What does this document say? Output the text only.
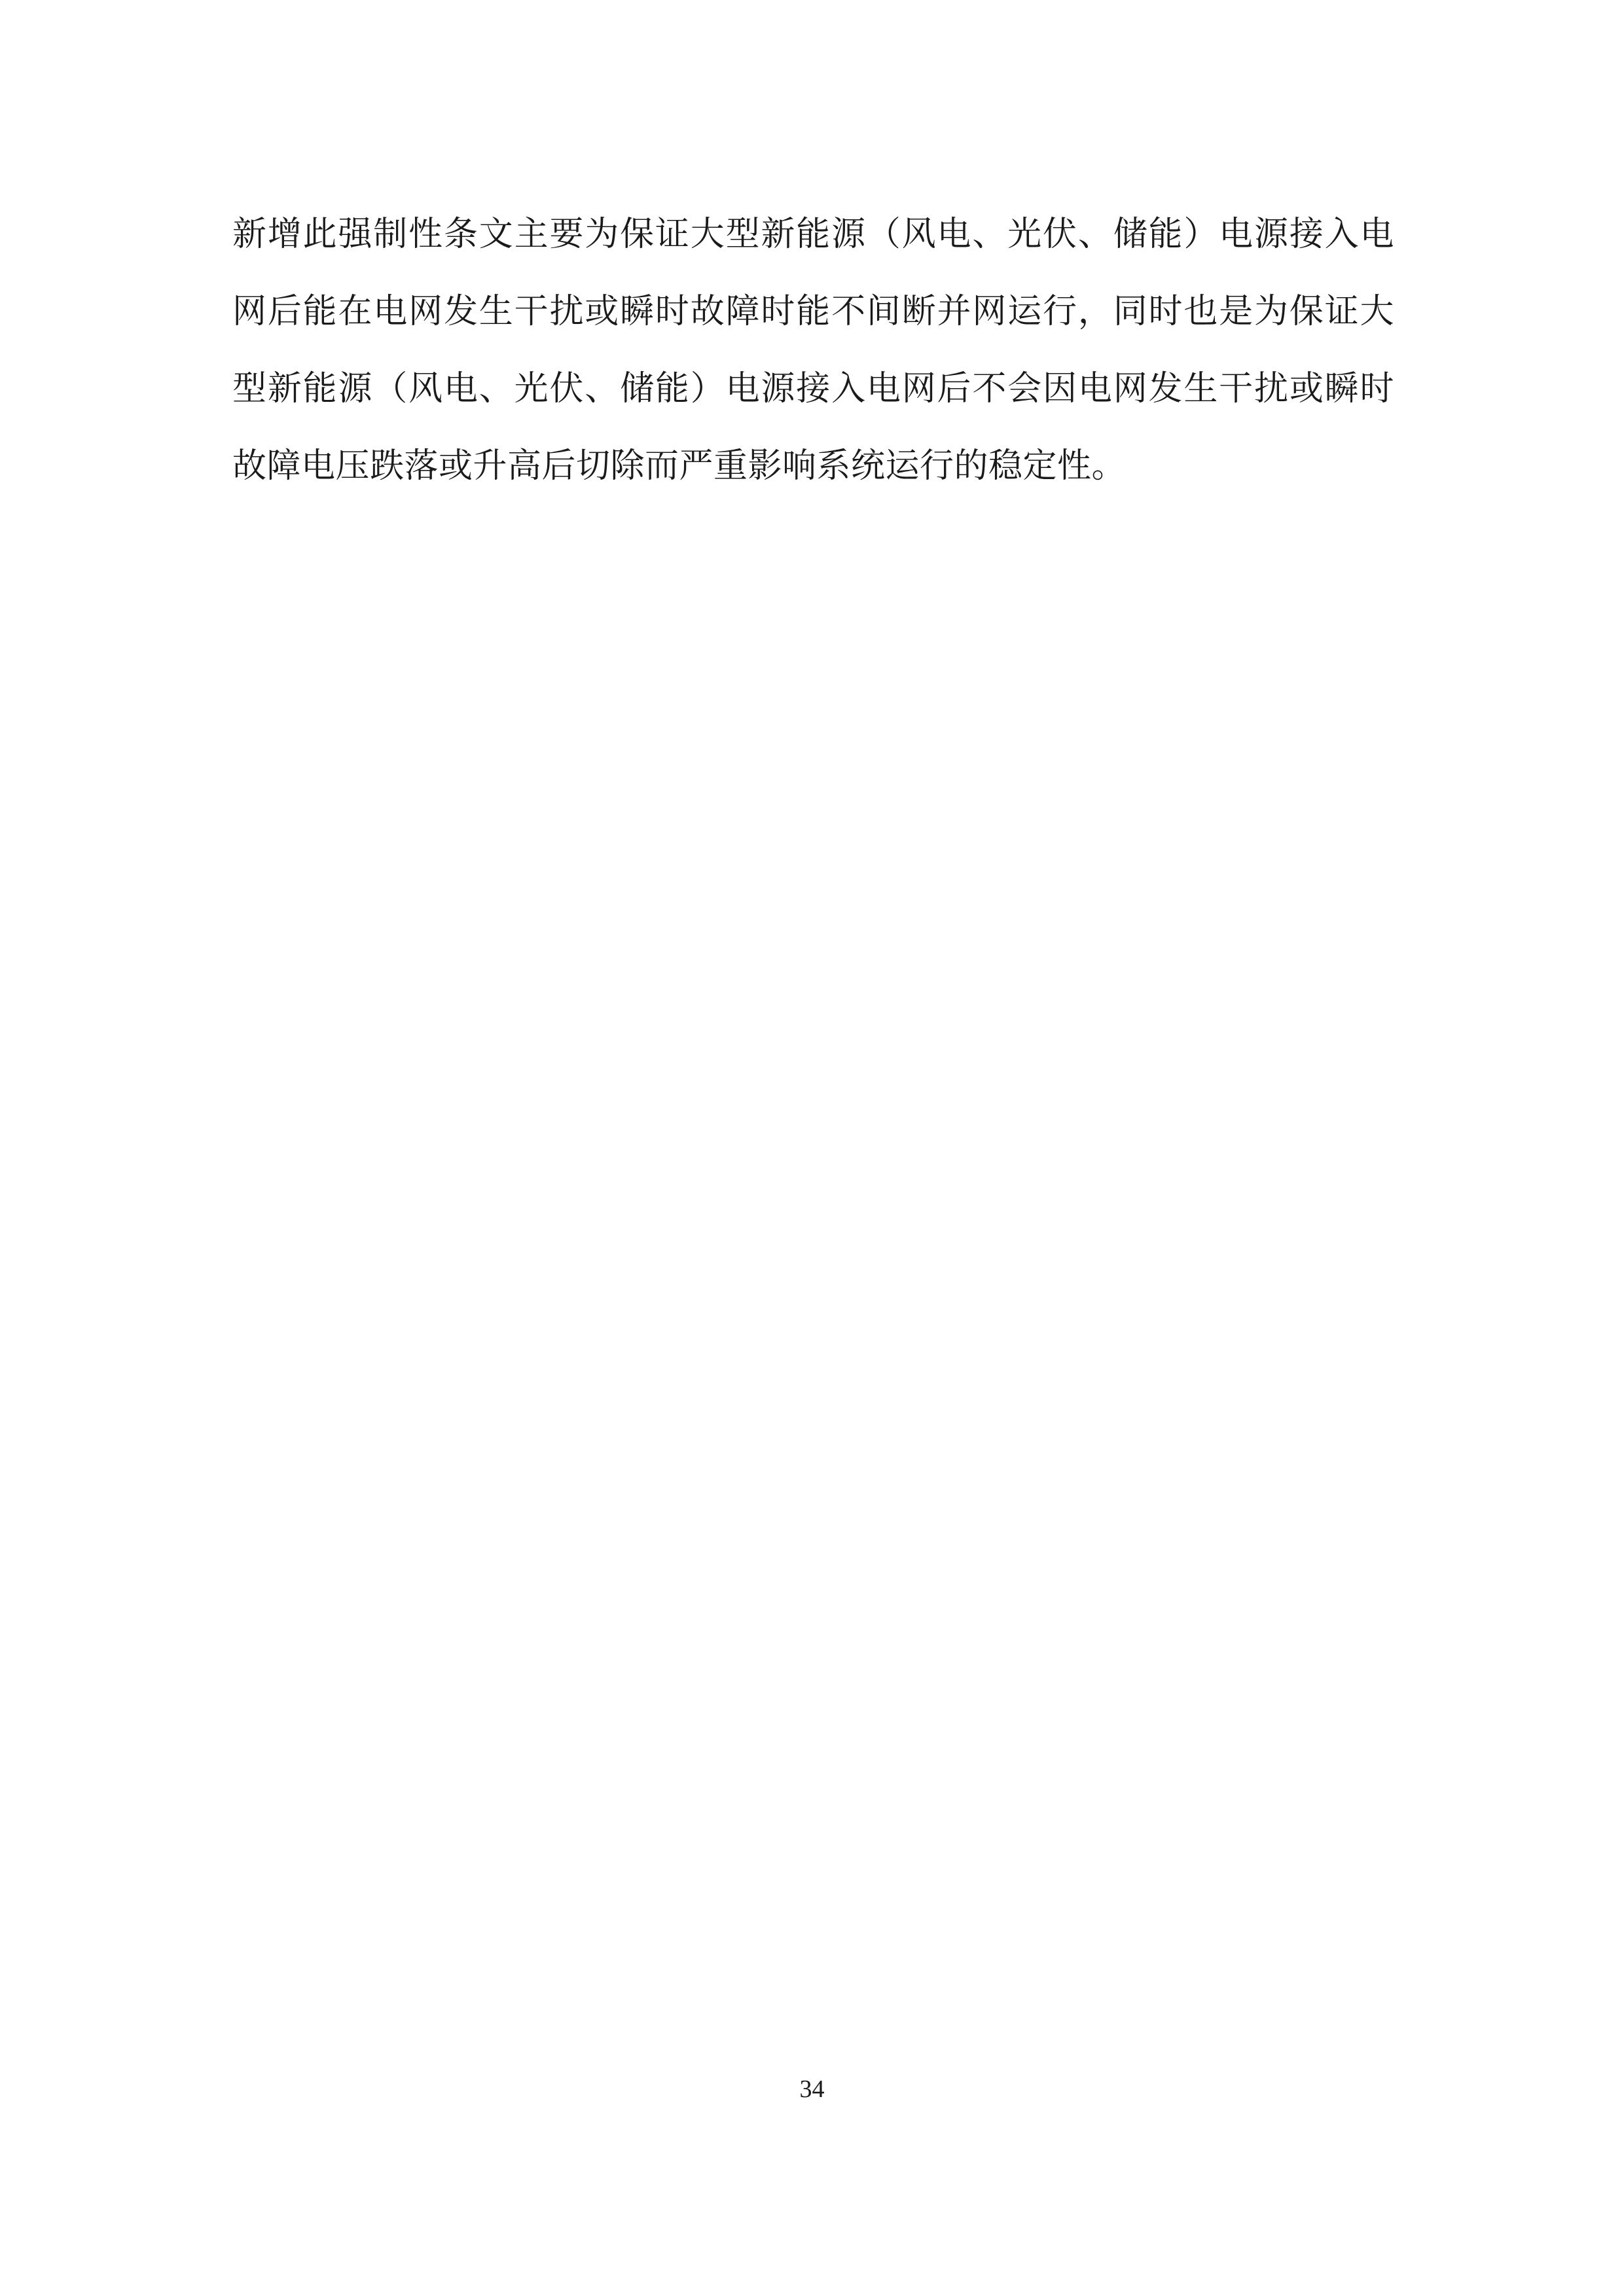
新增此强制性条文主要为保证大型新能源（风电、光伏、储能）电源接入电网后能在电网发生干扰或瞬时故障时能不间断并网运行，同时也是为保证大型新能源（风电、光伏、储能）电源接入电网后不会因电网发生干扰或瞬时故障电压跌落或升高后切除而严重影响系统运行的稳定性。

34
